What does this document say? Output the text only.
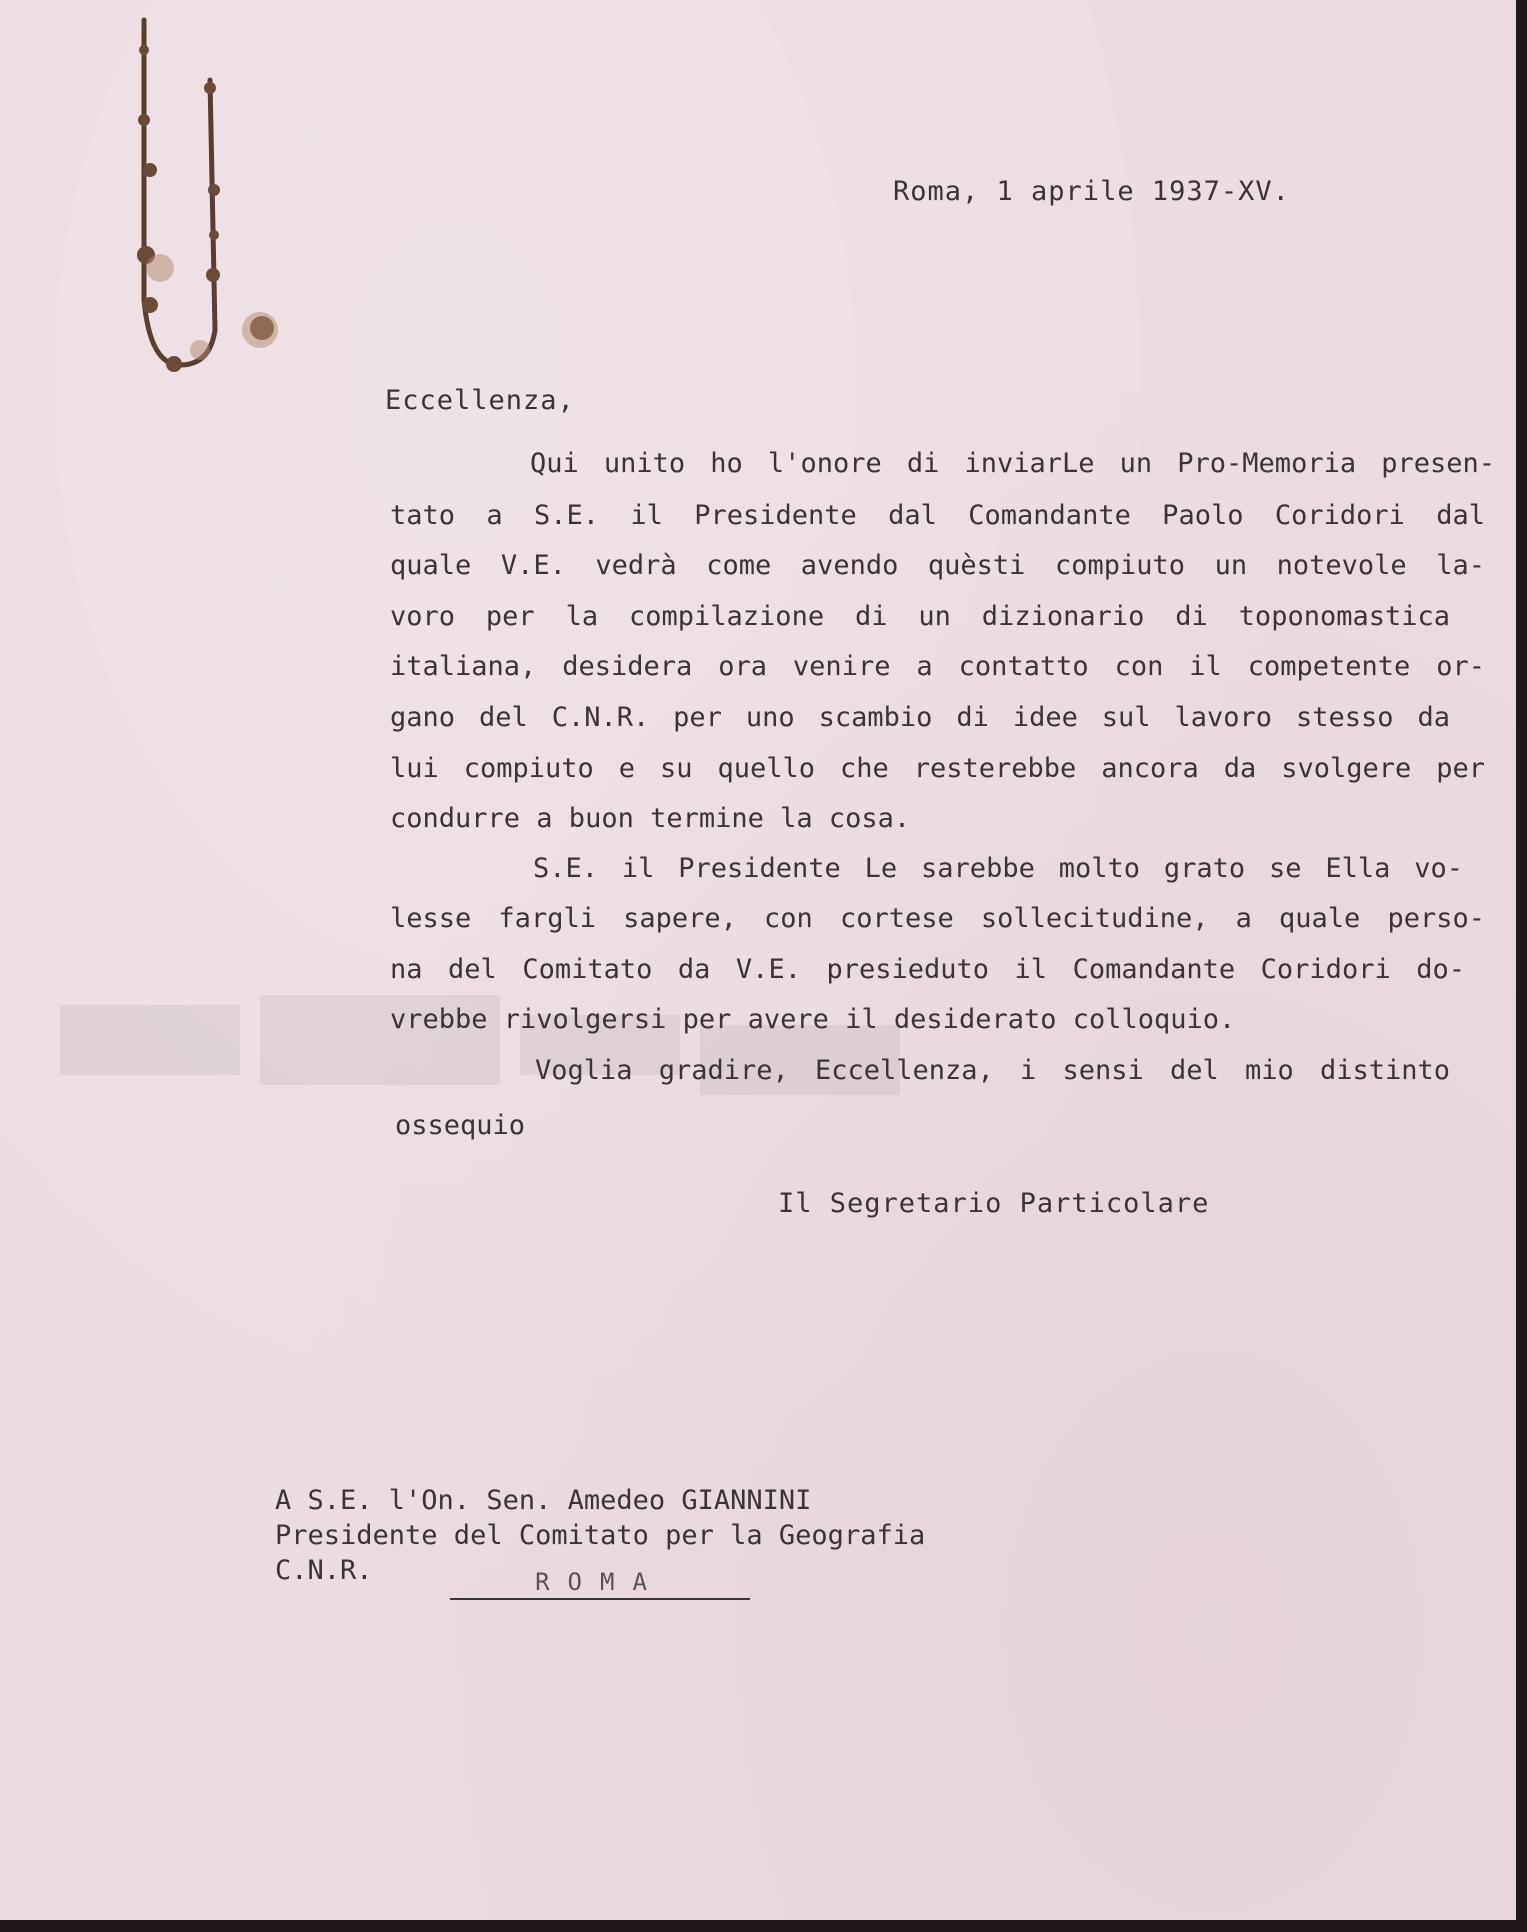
Roma, 1 aprile 1937-XV.
Eccellenza,
Qui unito ho l'onore di inviarLe un Pro-Memoria presen-
tato a S.E. il Presidente dal Comandante Paolo Coridori dal
quale V.E. vedrà come avendo quèsti compiuto un notevole la-
voro per la compilazione di un dizionario di toponomastica
italiana, desidera ora venire a contatto con il competente or-
gano del C.N.R. per uno scambio di idee sul lavoro stesso da
lui compiuto e su quello che resterebbe ancora da svolgere per
condurre a buon termine la cosa.
S.E. il Presidente Le sarebbe molto grato se Ella vo-
lesse fargli sapere, con cortese sollecitudine, a quale perso-
na del Comitato da V.E. presieduto il Comandante Coridori do-
vrebbe rivolgersi per avere il desiderato colloquio.
Voglia gradire, Eccellenza, i sensi del mio distinto
ossequio
Il Segretario Particolare
A S.E. l'On. Sen. Amedeo GIANNINI
Presidente del Comitato per la Geografia
C.N.R.	ROMA
